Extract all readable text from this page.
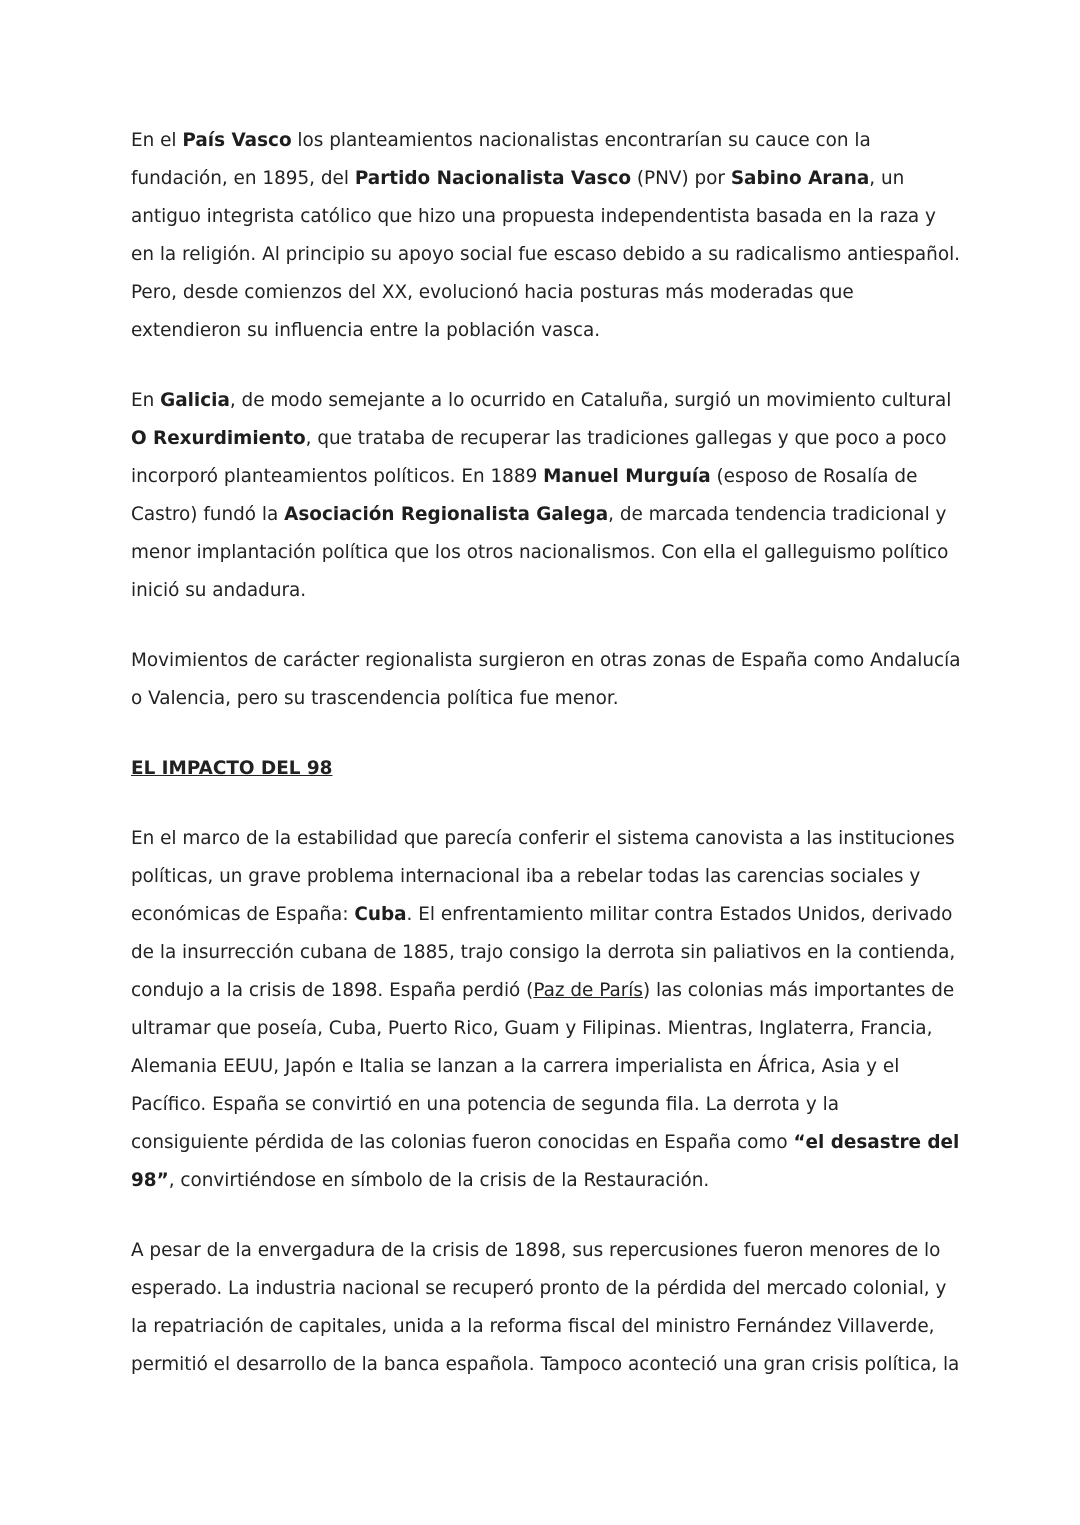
En el País Vasco los planteamientos nacionalistas encontrarían su cauce con la fundación, en 1895, del Partido Nacionalista Vasco (PNV) por Sabino Arana, un antiguo integrista católico que hizo una propuesta independentista basada en la raza y en la religión. Al principio su apoyo social fue escaso debido a su radicalismo antiespañol. Pero, desde comienzos del XX, evolucionó hacia posturas más moderadas que extendieron su influencia entre la población vasca.

En Galicia, de modo semejante a lo ocurrido en Cataluña, surgió un movimiento cultural O Rexurdimiento, que trataba de recuperar las tradiciones gallegas y que poco a poco incorporó planteamientos políticos. En 1889 Manuel Murguía (esposo de Rosalía de Castro) fundó la Asociación Regionalista Galega, de marcada tendencia tradicional y menor implantación política que los otros nacionalismos. Con ella el galleguismo político inició su andadura.

Movimientos de carácter regionalista surgieron en otras zonas de España como Andalucía o Valencia, pero su trascendencia política fue menor.

EL IMPACTO DEL 98

En el marco de la estabilidad que parecía conferir el sistema canovista a las instituciones políticas, un grave problema internacional iba a rebelar todas las carencias sociales y económicas de España: Cuba. El enfrentamiento militar contra Estados Unidos, derivado de la insurrección cubana de 1885, trajo consigo la derrota sin paliativos en la contienda, condujo a la crisis de 1898. España perdió (Paz de París) las colonias más importantes de ultramar que poseía, Cuba, Puerto Rico, Guam y Filipinas. Mientras, Inglaterra, Francia, Alemania EEUU, Japón e Italia se lanzan a la carrera imperialista en África, Asia y el Pacífico. España se convirtió en una potencia de segunda fila. La derrota y la consiguiente pérdida de las colonias fueron conocidas en España como “el desastre del 98”, convirtiéndose en símbolo de la crisis de la Restauración.

A pesar de la envergadura de la crisis de 1898, sus repercusiones fueron menores de lo esperado. La industria nacional se recuperó pronto de la pérdida del mercado colonial, y la repatriación de capitales, unida a la reforma fiscal del ministro Fernández Villaverde, permitió el desarrollo de la banca española. Tampoco aconteció una gran crisis política, la
